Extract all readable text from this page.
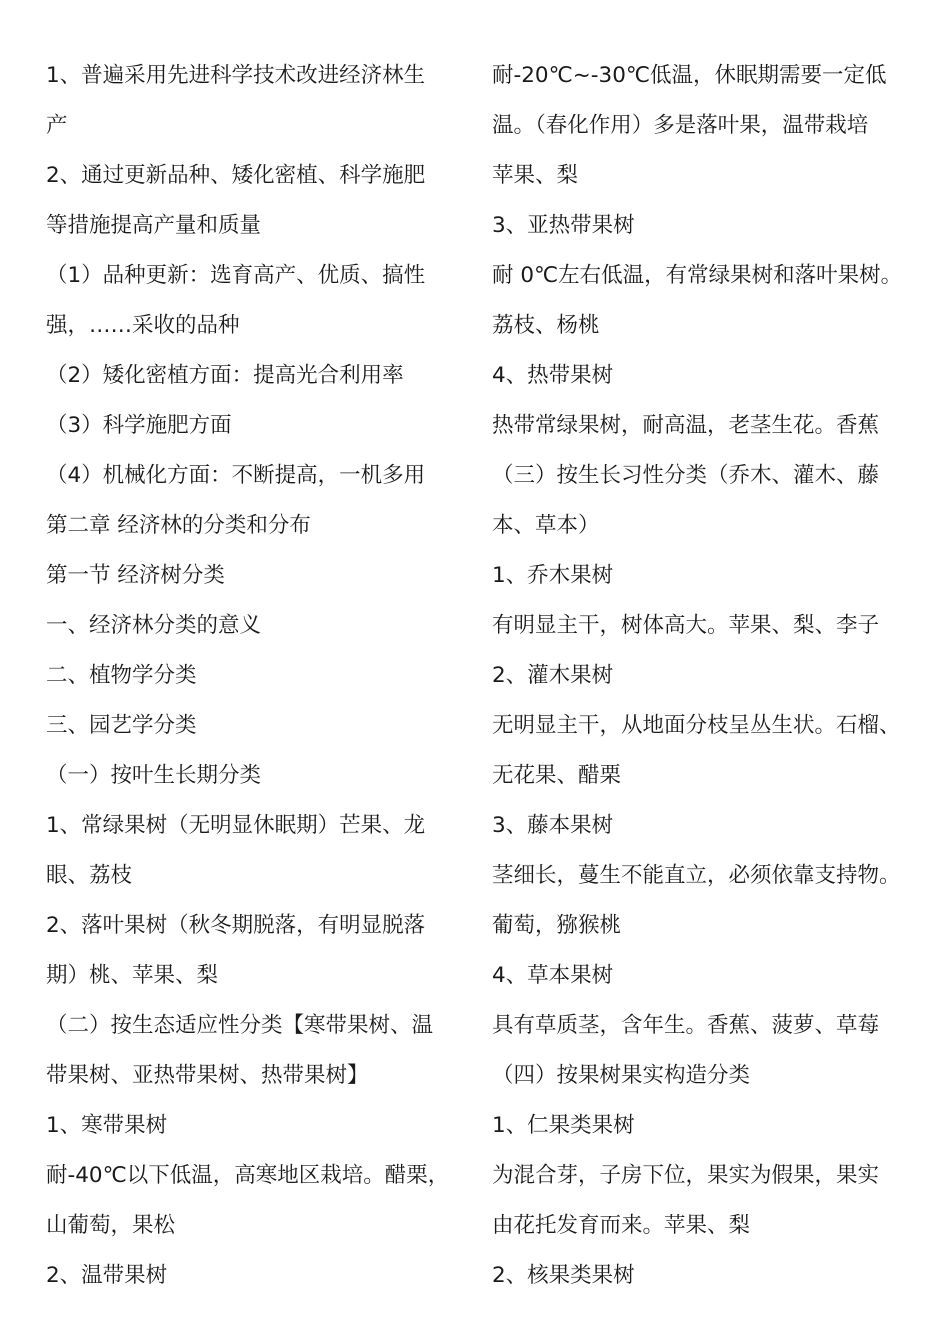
1、普遍采用先进科学技术改进经济林生
产
2、通过更新品种、矮化密植、科学施肥
等措施提高产量和质量
（1）品种更新：选育高产、优质、搞性
强，……采收的品种
（2）矮化密植方面：提高光合利用率
（3）科学施肥方面
（4）机械化方面：不断提高，一机多用
第二章 经济林的分类和分布
第一节 经济树分类
一、经济林分类的意义
二、植物学分类
三、园艺学分类
（一）按叶生长期分类
1、常绿果树（无明显休眠期）芒果、龙
眼、荔枝
2、落叶果树（秋冬期脱落，有明显脱落
期）桃、苹果、梨
（二）按生态适应性分类【寒带果树、温
带果树、亚热带果树、热带果树】
1、寒带果树
耐-40℃以下低温，高寒地区栽培。醋栗，
山葡萄，果松
2、温带果树
耐-20℃~-30℃低温，休眠期需要一定低
温。（春化作用）多是落叶果，温带栽培
苹果、梨
3、亚热带果树
耐 0℃左右低温，有常绿果树和落叶果树。
荔枝、杨桃
4、热带果树
热带常绿果树，耐高温，老茎生花。香蕉
（三）按生长习性分类（乔木、灌木、藤
本、草本）
1、乔木果树
有明显主干，树体高大。苹果、梨、李子
2、灌木果树
无明显主干，从地面分枝呈丛生状。石榴、
无花果、醋栗
3、藤本果树
茎细长，蔓生不能直立，必须依靠支持物。
葡萄，猕猴桃
4、草本果树
具有草质茎，含年生。香蕉、菠萝、草莓
（四）按果树果实构造分类
1、仁果类果树
为混合芽，子房下位，果实为假果，果实
由花托发育而来。苹果、梨
2、核果类果树
